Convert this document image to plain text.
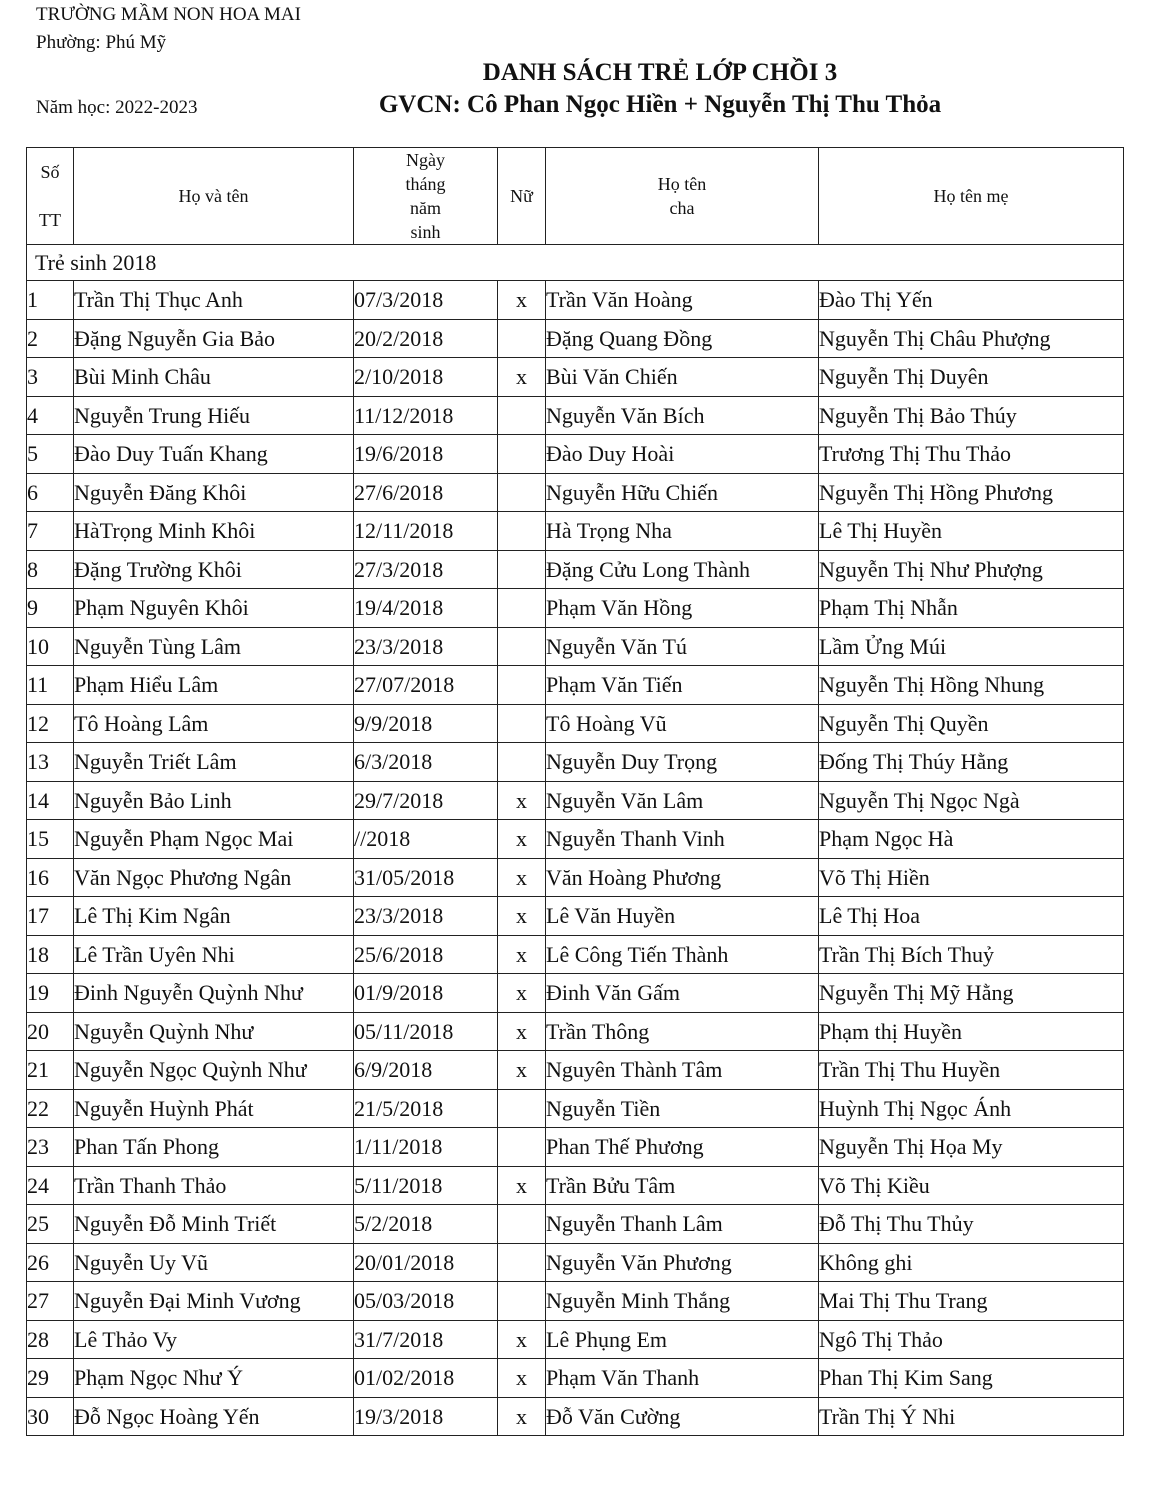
TRƯỜNG MẦM NON HOA MAI
Phường: Phú Mỹ
DANH SÁCH TRẺ LỚP CHỒI 3
Năm học: 2022-2023	GVCN: Cô Phan Ngọc Hiền + Nguyễn Thị Thu Thỏa
Số
TT	Họ và tên	Ngày
tháng
năm
sinh	Nữ	Họ tên
cha	Họ tên mẹ
Trẻ sinh 2018					
1	Trần Thị Thục Anh	07/3/2018	x	Trần Văn Hoàng	Đào Thị Yến
2	Đặng Nguyễn Gia Bảo	20/2/2018		Đặng Quang Đồng	Nguyễn Thị Châu Phượng
3	Bùi Minh Châu	2/10/2018	x	Bùi Văn Chiến	Nguyễn Thị Duyên
4	Nguyễn Trung Hiếu	11/12/2018		Nguyễn Văn Bích	Nguyễn Thị Bảo Thúy
5	Đào Duy Tuấn Khang	19/6/2018		Đào Duy Hoài	Trương Thị Thu Thảo
6	Nguyễn Đăng Khôi	27/6/2018		Nguyễn Hữu Chiến	Nguyễn Thị Hồng Phương
7	HàTrọng Minh Khôi	12/11/2018		Hà Trọng Nha	Lê Thị Huyền
8	Đặng Trường Khôi	27/3/2018		Đặng Cửu Long Thành	Nguyễn Thị Như Phượng
9	Phạm Nguyên Khôi	19/4/2018		Phạm Văn Hồng	Phạm Thị Nhẫn
10	Nguyễn Tùng Lâm	23/3/2018		Nguyễn Văn Tú	Lầm Ửng Múi
11	Phạm Hiểu Lâm	27/07/2018		Phạm Văn Tiến	Nguyễn Thị Hồng Nhung
12	Tô Hoàng Lâm	9/9/2018		Tô Hoàng Vũ	Nguyễn Thị Quyền
13	Nguyễn Triết Lâm	6/3/2018		Nguyễn Duy Trọng	Đống Thị Thúy Hằng
14	Nguyễn Bảo Linh	29/7/2018	x	Nguyễn Văn Lâm	Nguyễn Thị Ngọc Ngà
15	Nguyễn Phạm Ngọc Mai	//2018	x	Nguyễn Thanh Vinh	Phạm Ngọc Hà
16	Văn Ngọc Phương Ngân	31/05/2018	x	Văn Hoàng Phương	Võ Thị Hiền
17	Lê Thị Kim Ngân	23/3/2018	x	Lê Văn Huyền	Lê Thị Hoa
18	Lê Trần Uyên Nhi	25/6/2018	x	Lê Công Tiến Thành	Trần Thị Bích Thuỷ
19	Đinh Nguyễn Quỳnh Như	01/9/2018	x	Đinh Văn Gấm	Nguyễn Thị Mỹ Hằng
20	Nguyễn Quỳnh Như	05/11/2018	x	Trần Thông	Phạm thị Huyền
21	Nguyễn Ngọc Quỳnh Như	6/9/2018	x	Nguyên Thành Tâm	Trần Thị Thu Huyền
22	Nguyễn Huỳnh Phát	21/5/2018		Nguyễn Tiền	Huỳnh Thị Ngọc Ánh
23	Phan Tấn Phong	1/11/2018		Phan Thế Phương	Nguyễn Thị Họa My
24	Trần Thanh Thảo	5/11/2018	x	Trần Bửu Tâm	Võ Thị Kiều
25	Nguyễn Đỗ Minh Triết	5/2/2018		Nguyễn Thanh Lâm	Đỗ Thị Thu Thủy
26	Nguyễn Uy Vũ	20/01/2018		Nguyễn Văn Phương	Không ghi
27	Nguyễn Đại Minh Vương	05/03/2018		Nguyễn Minh Thắng	Mai Thị Thu Trang
28	Lê Thảo Vy	31/7/2018	x	Lê Phụng Em	Ngô Thị Thảo
29	Phạm Ngọc Như Ý	01/02/2018	x	Phạm Văn Thanh	Phan Thị Kim Sang
30	Đỗ Ngọc Hoàng Yến	19/3/2018	x	Đỗ Văn Cường	Trần Thị Ý Nhi
